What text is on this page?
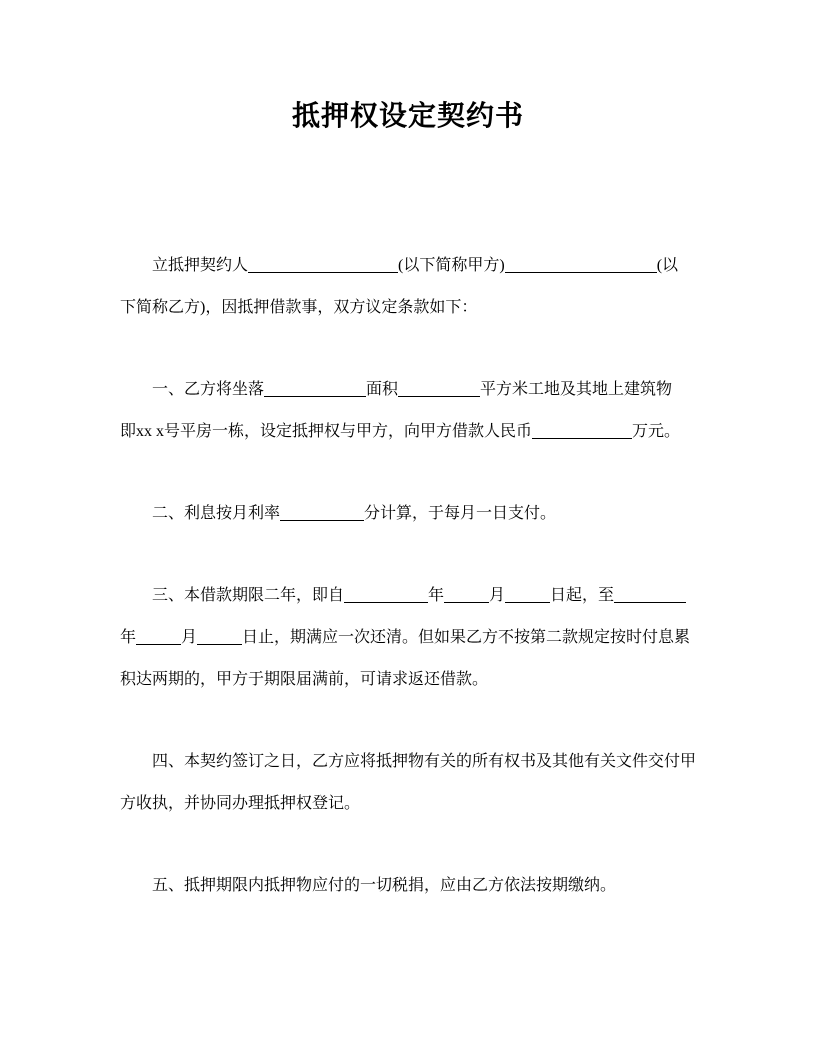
抵押权设定契约书
立抵押契约人	(以下简称甲方)	(以
下简称乙方)，因抵押借款事，双方议定条款如下：
一、乙方将坐落	面积	平方米工地及其地上建筑物
即xx x号平房一栋，设定抵押权与甲方，向甲方借款人民币	万元。
二、利息按月利率	分计算，于每月一日支付。
三、本借款期限二年，即自	年	月	日起，至
年	月	日止，期满应一次还清。但如果乙方不按第二款规定按时付息累
积达两期的，甲方于期限届满前，可请求返还借款。
四、本契约签订之日，乙方应将抵押物有关的所有权书及其他有关文件交付甲
方收执，并协同办理抵押权登记。
五、抵押期限内抵押物应付的一切税捐，应由乙方依法按期缴纳。
